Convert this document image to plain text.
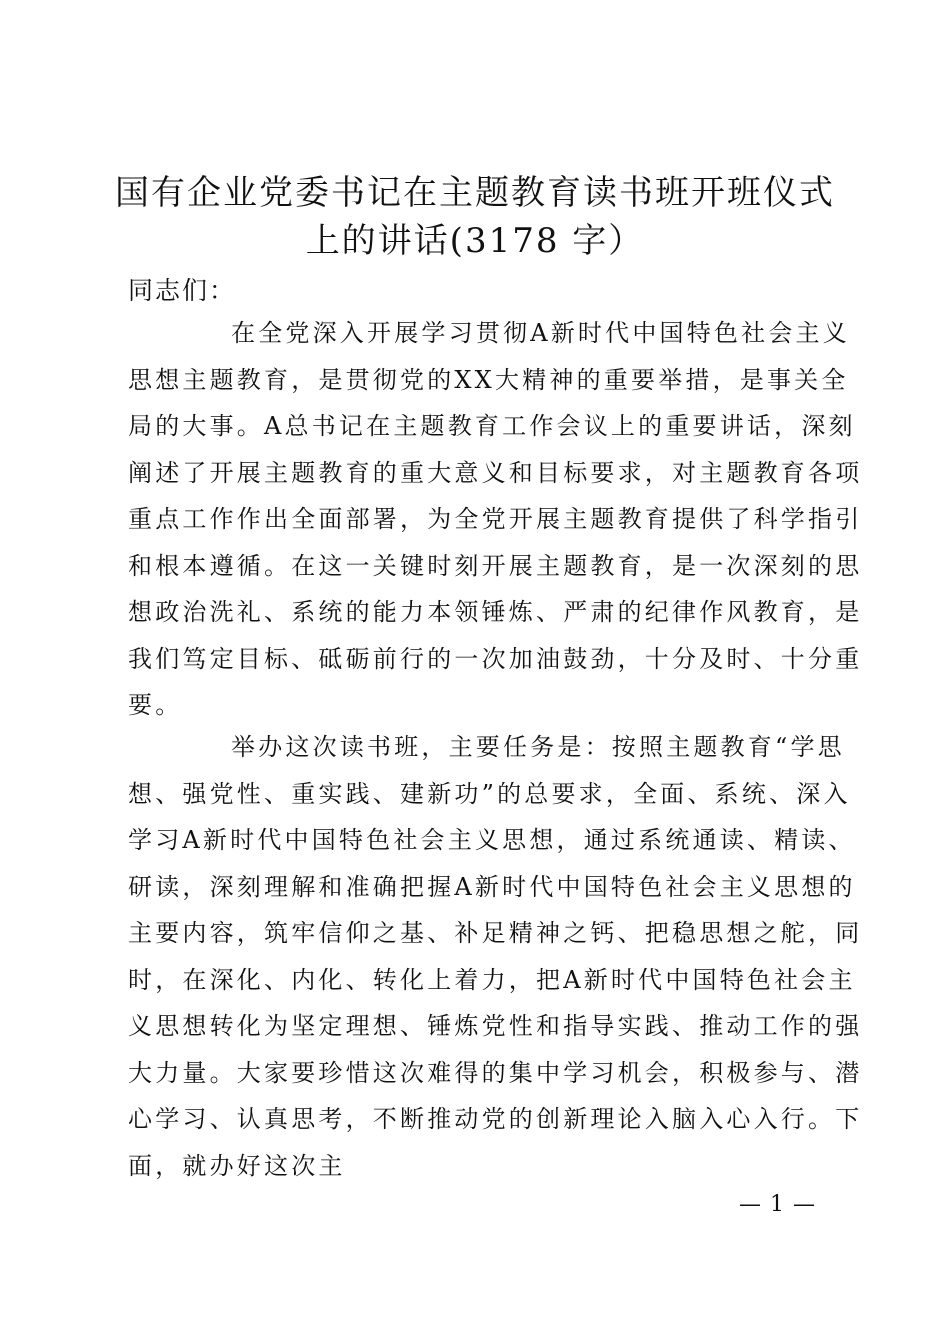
国有企业党委书记在主题教育读书班开班仪式
上的讲话(3178 字）
同志们：
在全党深入开展学习贯彻A新时代中国特色社会主义
思想主题教育，是贯彻党的XX大精神的重要举措，是事关全
局的大事。A总书记在主题教育工作会议上的重要讲话，深刻
阐述了开展主题教育的重大意义和目标要求，对主题教育各项
重点工作作出全面部署，为全党开展主题教育提供了科学指引
和根本遵循。在这一关键时刻开展主题教育，是一次深刻的思
想政治洗礼、系统的能力本领锤炼、严肃的纪律作风教育，是
我们笃定目标、砥砺前行的一次加油鼓劲，十分及时、十分重
要。
举办这次读书班，主要任务是：按照主题教育“学思
想、强党性、重实践、建新功”的总要求，全面、系统、深入
学习A新时代中国特色社会主义思想，通过系统通读、精读、
研读，深刻理解和准确把握A新时代中国特色社会主义思想的
主要内容，筑牢信仰之基、补足精神之钙、把稳思想之舵，同
时，在深化、内化、转化上着力，把A新时代中国特色社会主
义思想转化为坚定理想、锤炼党性和指导实践、推动工作的强
大力量。大家要珍惜这次难得的集中学习机会，积极参与、潜
心学习、认真思考，不断推动党的创新理论入脑入心入行。下
面，就办好这次主
— 1 —
